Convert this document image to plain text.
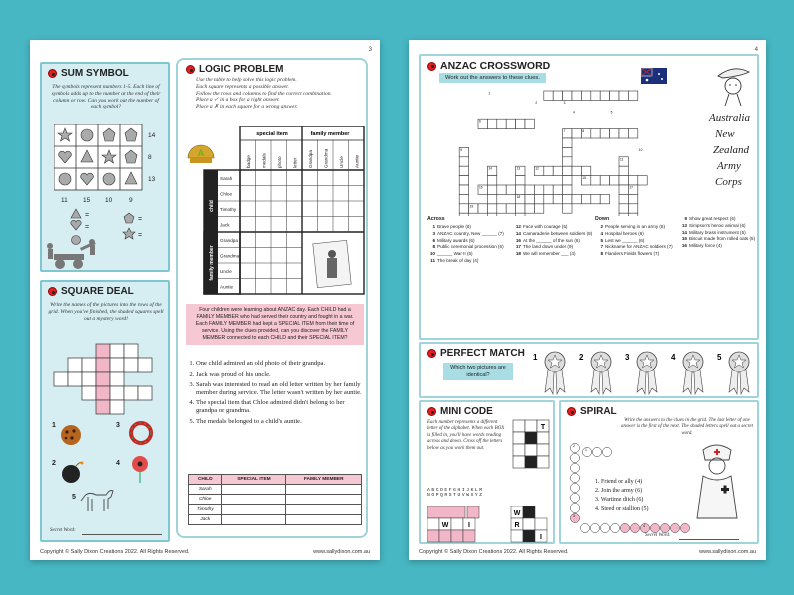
3
SUM SYMBOL
The symbols represent numbers 1-5. Each line of symbols adds up to the number at the end of their column or row. Can you work out the number of each symbol?
14
8
13
11 15 10	9
=
=
=
=
SQUARE DEAL
Write the names of the pictures into the rows of the grid. When you've finished, the shaded squares spell out a mystery word!
1	3
2	4
5
Secret Word:
LOGIC PROBLEM
Use the table to help solve this logic problem.
Each square represents a possible answer.
Follow the rows and columns to find the correct combination.
Place a ✓ in a box for a right answer.
Place a ✗ in each square for a wrong answer.
A
special item	family member
child
family member
badge medals photo letter Grandpa Grandma Uncle Auntie
Sarah
Chloe
Timothy
Jack
Grandpa
Grandma
Uncle
Auntie
Four children were learning about ANZAC day. Each CHILD had a FAMILY MEMBER who had served their country and fought in a war. Each FAMILY MEMBER had kept a SPECIAL ITEM from their time of service. Using the clues provided, can you discover the FAMILY MEMBER connected to each CHILD and their SPECIAL ITEM?
1. One child admired an old photo of their grandpa.
2. Jack was proud of his uncle.
3. Sarah was interested to read an old letter written by her family member during service. The letter wasn't written by her auntie.
4. The special item that Chloe admired didn't belong to her grandpa or grandma.
5. The medals belonged to a child's auntie.
CHILD	SPECIAL ITEM	FAMILY MEMBER
Sarah		
Chloe		
Timothy		
Jack		
Copyright © Sally Dixon Creations 2022. All Rights Reserved.	www.sallydixon.com.au
4
ANZAC CROSSWORD
Work out the answers to these clues.
Australia
New
Zealand
Army
Corps
1
2	3
4	5
6
7	8
9	10
11
12
13
14
15
16	17
18
19
Across
1 Brave people (6)
3 ANZAC country, New ______ (7)
6 Military awards (6)
8 Public ceremonial procession (6)
10 ______ War II (5)
11 The break of day (4)
12 Face with courage (5)
14 Camaraderie between soldiers (8)
16 At the ______ of the sun (6)
17 The land down under (9)
18 We will remember ___ (4)
Down
2 People serving in an army (8)
4 Hospital heroes (6)
5 Lest we ______ (6)
7 Nickname for ANZAC soldiers (7)
8 Flanders Fields flowers (7)
9 Show great respect (6)
13 Simpson's heroic animal (6)
14 Military brass instrument (5)
15 Biscuit made from rolled oats (5)
16 Military force (4)
PERFECT MATCH
Which two pictures are identical?
1	2	3	4	5
MINI CODE
Each number represents a different letter of the alphabet. When each BOX is filled in, you'll have words reading across and down. Cross off the letters below as you work them out.
ABCDEFGHIJKLM
NOPQRSTUVWXYZ
T
W	I
W
R
I
SPIRAL
Write the answers to the clues in the grid. The last letter of one answer is the first of the next. The shaded letters spell out a secret word.
1
2
3
4
1. Friend or ally (4)
2. Join the army (6)
3. Wartime ditch (6)
4. Steed or stallion (5)
Secret Word:
Copyright © Sally Dixon Creations 2022. All Rights Reserved.	www.sallydixon.com.au
